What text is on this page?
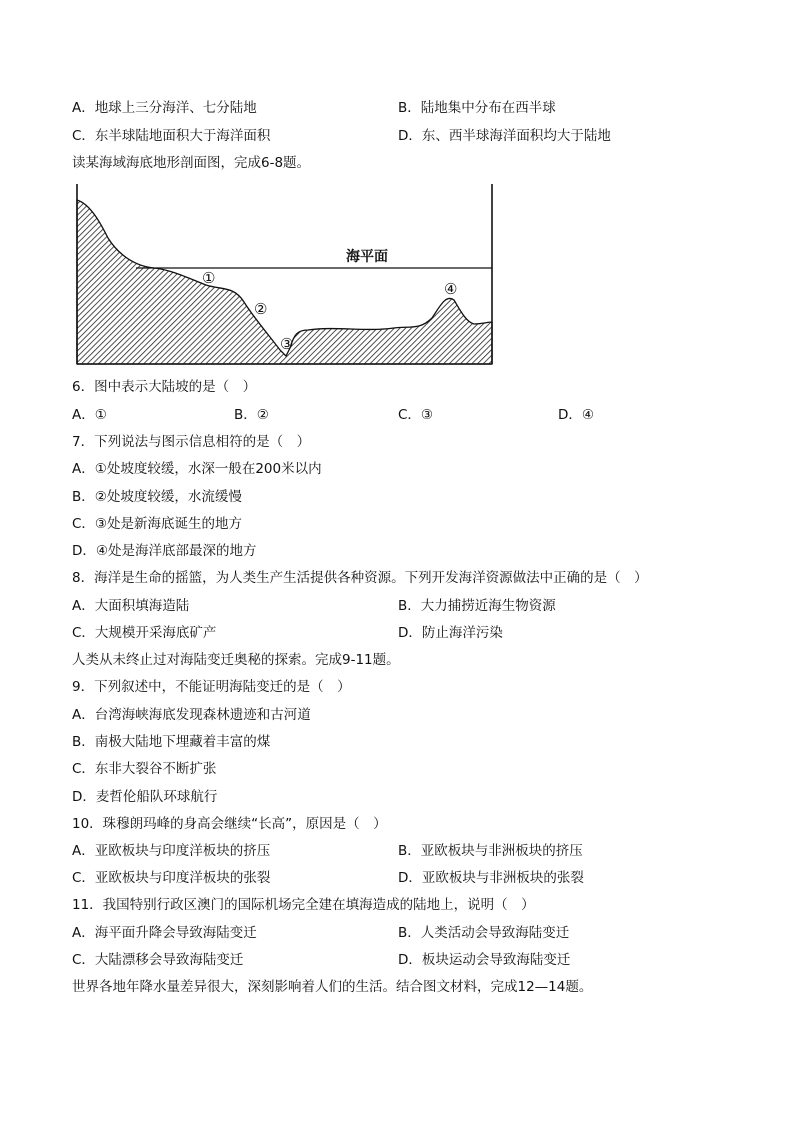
A．地球上三分海洋、七分陆地	B．陆地集中分布在西半球
C．东半球陆地面积大于海洋面积	D．东、西半球海洋面积均大于陆地
读某海域海底地形剖面图，完成6-8题。
海平面
①
②
③
④
6．图中表示大陆坡的是（　）
A．①	B．②	C．③	D．④
7．下列说法与图示信息相符的是（　）
A．①处坡度较缓，水深一般在200米以内
B．②处坡度较缓，水流缓慢
C．③处是新海底诞生的地方
D．④处是海洋底部最深的地方
8．海洋是生命的摇篮，为人类生产生活提供各种资源。下列开发海洋资源做法中正确的是（　）
A．大面积填海造陆	B．大力捕捞近海生物资源
C．大规模开采海底矿产	D．防止海洋污染
人类从未终止过对海陆变迁奥秘的探索。完成9-11题。
9．下列叙述中，不能证明海陆变迁的是（　）
A．台湾海峡海底发现森林遗迹和古河道
B．南极大陆地下埋藏着丰富的煤
C．东非大裂谷不断扩张
D．麦哲伦船队环球航行
10．珠穆朗玛峰的身高会继续“长高”，原因是（　）
A．亚欧板块与印度洋板块的挤压	B．亚欧板块与非洲板块的挤压
C．亚欧板块与印度洋板块的张裂	D．亚欧板块与非洲板块的张裂
11．我国特别行政区澳门的国际机场完全建在填海造成的陆地上，说明（　）
A．海平面升降会导致海陆变迁	B．人类活动会导致海陆变迁
C．大陆漂移会导致海陆变迁	D．板块运动会导致海陆变迁
世界各地年降水量差异很大，深刻影响着人们的生活。结合图文材料，完成12—14题。
